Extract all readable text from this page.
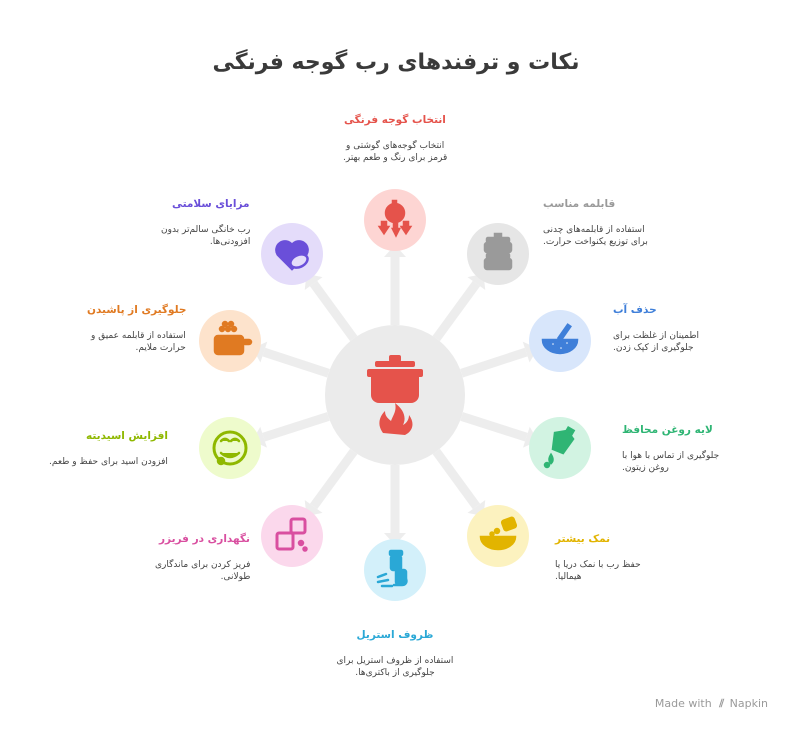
نکات و ترفندهای رب گوجه فرنگی
Made with ⫽ Napkin
انتخاب گوجه فرنگی
انتخاب گوجه‌های گوشتی و
قرمز برای رنگ و طعم بهتر.
قابلمه مناسب
استفاده از قابلمه‌های چدنی
برای توزیع یکنواخت حرارت.
حذف آب
اطمینان از غلظت برای
جلوگیری از کپک زدن.
لایه روغن محافظ
جلوگیری از تماس با هوا با
روغن زیتون.
نمک بیشتر
حفظ رب با نمک دریا یا
هیمالیا.
ظروف استریل
استفاده از ظروف استریل برای
جلوگیری از باکتری‌ها.
نگهداری در فریزر
فریز کردن برای ماندگاری
طولانی.
افزایش اسیدیته
افزودن اسید برای حفظ و طعم.
جلوگیری از پاشیدن
استفاده از قابلمه عمیق و
حرارت ملایم.
مزایای سلامتی
رب خانگی سالم‌تر بدون
افزودنی‌ها.
